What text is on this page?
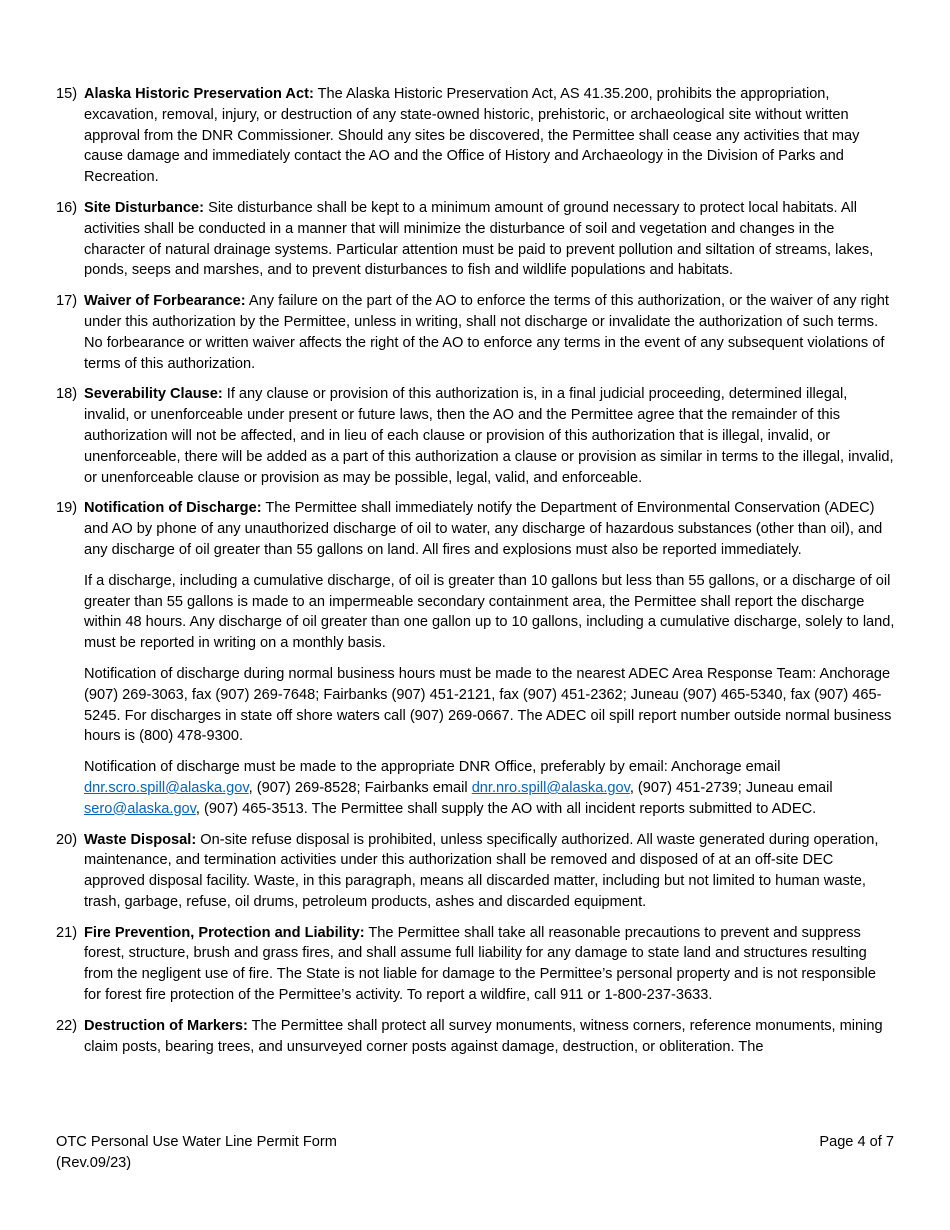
15) Alaska Historic Preservation Act: The Alaska Historic Preservation Act, AS 41.35.200, prohibits the appropriation, excavation, removal, injury, or destruction of any state-owned historic, prehistoric, or archaeological site without written approval from the DNR Commissioner. Should any sites be discovered, the Permittee shall cease any activities that may cause damage and immediately contact the AO and the Office of History and Archaeology in the Division of Parks and Recreation.

16) Site Disturbance: Site disturbance shall be kept to a minimum amount of ground necessary to protect local habitats. All activities shall be conducted in a manner that will minimize the disturbance of soil and vegetation and changes in the character of natural drainage systems. Particular attention must be paid to prevent pollution and siltation of streams, lakes, ponds, seeps and marshes, and to prevent disturbances to fish and wildlife populations and habitats.

17) Waiver of Forbearance: Any failure on the part of the AO to enforce the terms of this authorization, or the waiver of any right under this authorization by the Permittee, unless in writing, shall not discharge or invalidate the authorization of such terms. No forbearance or written waiver affects the right of the AO to enforce any terms in the event of any subsequent violations of terms of this authorization.

18) Severability Clause: If any clause or provision of this authorization is, in a final judicial proceeding, determined illegal, invalid, or unenforceable under present or future laws, then the AO and the Permittee agree that the remainder of this authorization will not be affected, and in lieu of each clause or provision of this authorization that is illegal, invalid, or unenforceable, there will be added as a part of this authorization a clause or provision as similar in terms to the illegal, invalid, or unenforceable clause or provision as may be possible, legal, valid, and enforceable.

19) Notification of Discharge: The Permittee shall immediately notify the Department of Environmental Conservation (ADEC) and AO by phone of any unauthorized discharge of oil to water, any discharge of hazardous substances (other than oil), and any discharge of oil greater than 55 gallons on land. All fires and explosions must also be reported immediately.

If a discharge, including a cumulative discharge, of oil is greater than 10 gallons but less than 55 gallons, or a discharge of oil greater than 55 gallons is made to an impermeable secondary containment area, the Permittee shall report the discharge within 48 hours. Any discharge of oil greater than one gallon up to 10 gallons, including a cumulative discharge, solely to land, must be reported in writing on a monthly basis.

Notification of discharge during normal business hours must be made to the nearest ADEC Area Response Team: Anchorage (907) 269-3063, fax (907) 269-7648; Fairbanks (907) 451-2121, fax (907) 451-2362; Juneau (907) 465-5340, fax (907) 465-5245. For discharges in state off shore waters call (907) 269-0667. The ADEC oil spill report number outside normal business hours is (800) 478-9300.

Notification of discharge must be made to the appropriate DNR Office, preferably by email: Anchorage email dnr.scro.spill@alaska.gov, (907) 269-8528; Fairbanks email dnr.nro.spill@alaska.gov, (907) 451-2739; Juneau email sero@alaska.gov, (907) 465-3513. The Permittee shall supply the AO with all incident reports submitted to ADEC.

20) Waste Disposal: On-site refuse disposal is prohibited, unless specifically authorized. All waste generated during operation, maintenance, and termination activities under this authorization shall be removed and disposed of at an off-site DEC approved disposal facility. Waste, in this paragraph, means all discarded matter, including but not limited to human waste, trash, garbage, refuse, oil drums, petroleum products, ashes and discarded equipment.

21) Fire Prevention, Protection and Liability: The Permittee shall take all reasonable precautions to prevent and suppress forest, structure, brush and grass fires, and shall assume full liability for any damage to state land and structures resulting from the negligent use of fire. The State is not liable for damage to the Permittee’s personal property and is not responsible for forest fire protection of the Permittee’s activity. To report a wildfire, call 911 or 1-800-237-3633.

22) Destruction of Markers: The Permittee shall protect all survey monuments, witness corners, reference monuments, mining claim posts, bearing trees, and unsurveyed corner posts against damage, destruction, or obliteration. The

OTC Personal Use Water Line Permit Form
(Rev.09/23)
Page 4 of 7
